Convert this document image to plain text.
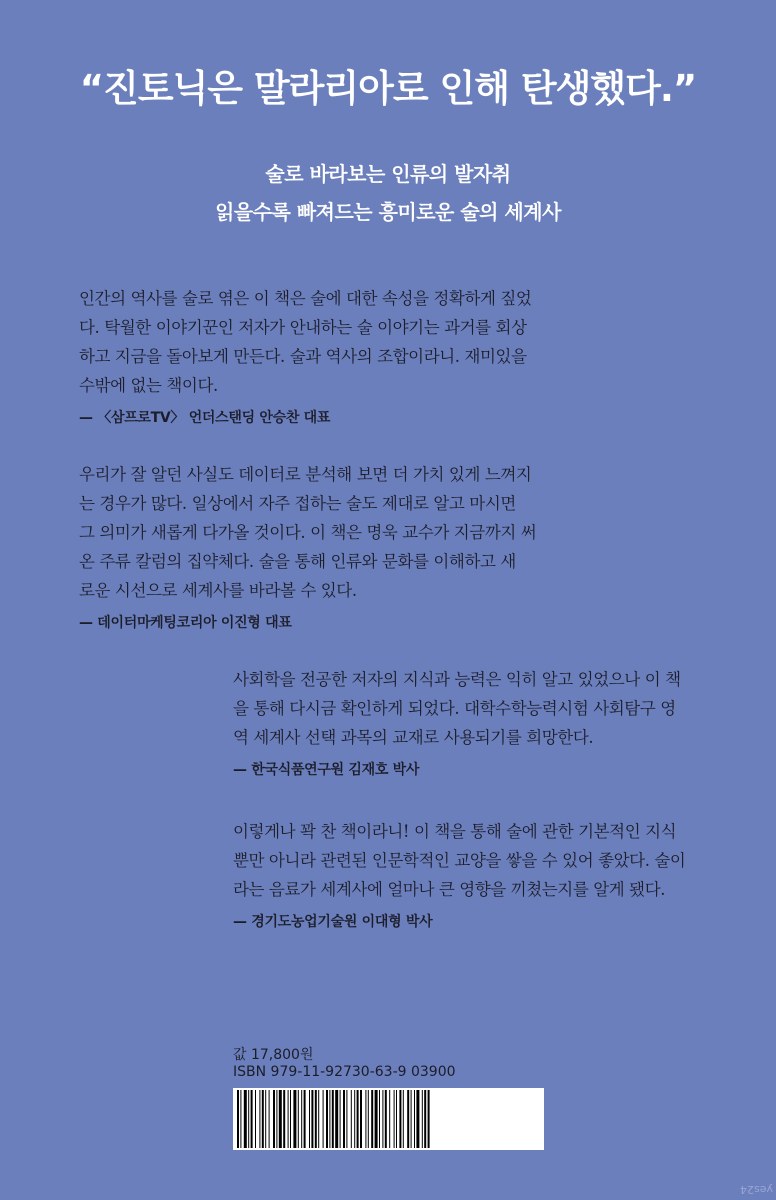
“진토닉은 말라리아로 인해 탄생했다.”
술로 바라보는 인류의 발자취
읽을수록 빠져드는 흥미로운 술의 세계사
인간의 역사를 술로 엮은 이 책은 술에 대한 속성을 정확하게 짚었
다. 탁월한 이야기꾼인 저자가 안내하는 술 이야기는 과거를 회상
하고 지금을 돌아보게 만든다. 술과 역사의 조합이라니. 재미있을
수밖에 없는 책이다.
— 〈삼프로TV〉 언더스탠딩 안승찬 대표
우리가 잘 알던 사실도 데이터로 분석해 보면 더 가치 있게 느껴지
는 경우가 많다. 일상에서 자주 접하는 술도 제대로 알고 마시면
그 의미가 새롭게 다가올 것이다. 이 책은 명욱 교수가 지금까지 써
온 주류 칼럼의 집약체다. 술을 통해 인류와 문화를 이해하고 새
로운 시선으로 세계사를 바라볼 수 있다.
— 데이터마케팅코리아 이진형 대표
사회학을 전공한 저자의 지식과 능력은 익히 알고 있었으나 이 책
을 통해 다시금 확인하게 되었다. 대학수학능력시험 사회탐구 영
역 세계사 선택 과목의 교재로 사용되기를 희망한다.
— 한국식품연구원 김재호 박사
이렇게나 꽉 찬 책이라니! 이 책을 통해 술에 관한 기본적인 지식
뿐만 아니라 관련된 인문학적인 교양을 쌓을 수 있어 좋았다. 술이
라는 음료가 세계사에 얼마나 큰 영향을 끼쳤는지를 알게 됐다.
— 경기도농업기술원 이대형 박사
값 17,800원
ISBN 979-11-92730-63-9 03900
yes24
